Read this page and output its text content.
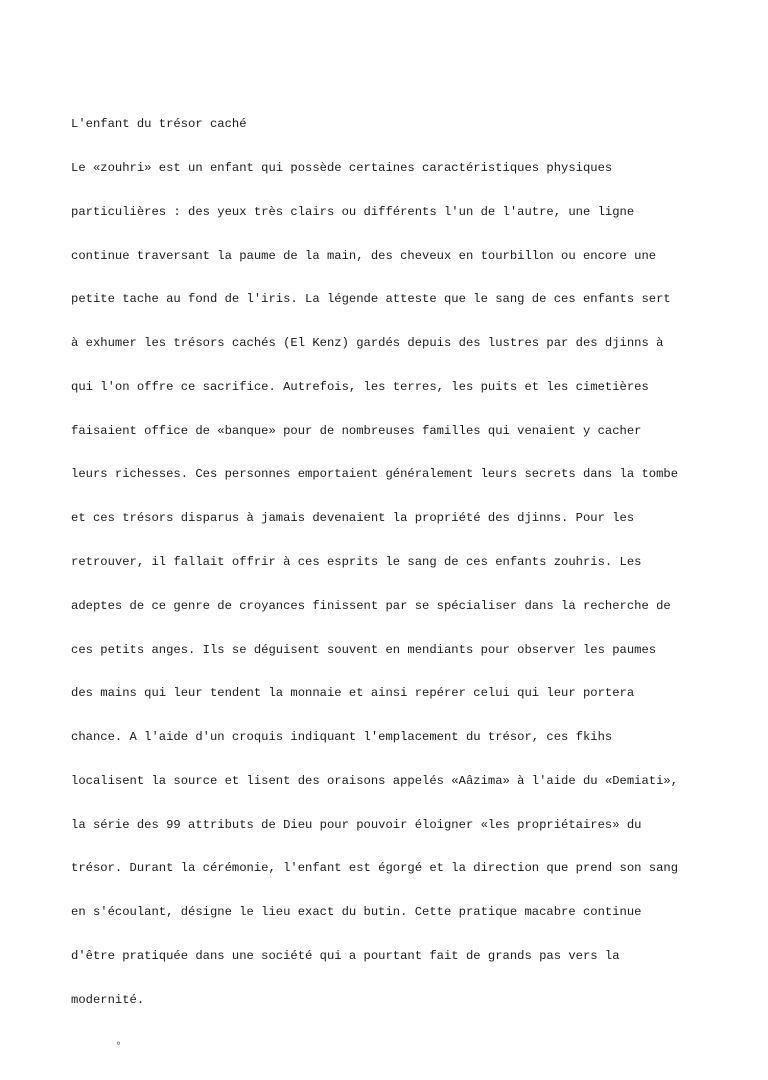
L'enfant du trésor caché

Le «zouhri» est un enfant qui possède certaines caractéristiques physiques

particulières : des yeux très clairs ou différents l'un de l'autre, une ligne

continue traversant la paume de la main, des cheveux en tourbillon ou encore une

petite tache au fond de l'iris. La légende atteste que le sang de ces enfants sert

à exhumer les trésors cachés (El Kenz) gardés depuis des lustres par des djinns à

qui l'on offre ce sacrifice. Autrefois, les terres, les puits et les cimetières

faisaient office de «banque» pour de nombreuses familles qui venaient y cacher

leurs richesses. Ces personnes emportaient généralement leurs secrets dans la tombe

et ces trésors disparus à jamais devenaient la propriété des djinns. Pour les

retrouver, il fallait offrir à ces esprits le sang de ces enfants zouhris. Les

adeptes de ce genre de croyances finissent par se spécialiser dans la recherche de

ces petits anges. Ils se déguisent souvent en mendiants pour observer les paumes

des mains qui leur tendent la monnaie et ainsi repérer celui qui leur portera

chance. A l'aide d'un croquis indiquant l'emplacement du trésor, ces fkihs

localisent la source et lisent des oraisons appelés «Aâzima» à l'aide du «Demiati»,

la série des 99 attributs de Dieu pour pouvoir éloigner «les propriétaires» du

trésor. Durant la cérémonie, l'enfant est égorgé et la direction que prend son sang

en s'écoulant, désigne le lieu exact du butin. Cette pratique macabre continue

d'être pratiquée dans une société qui a pourtant fait de grands pas vers la

modernité.

◦
